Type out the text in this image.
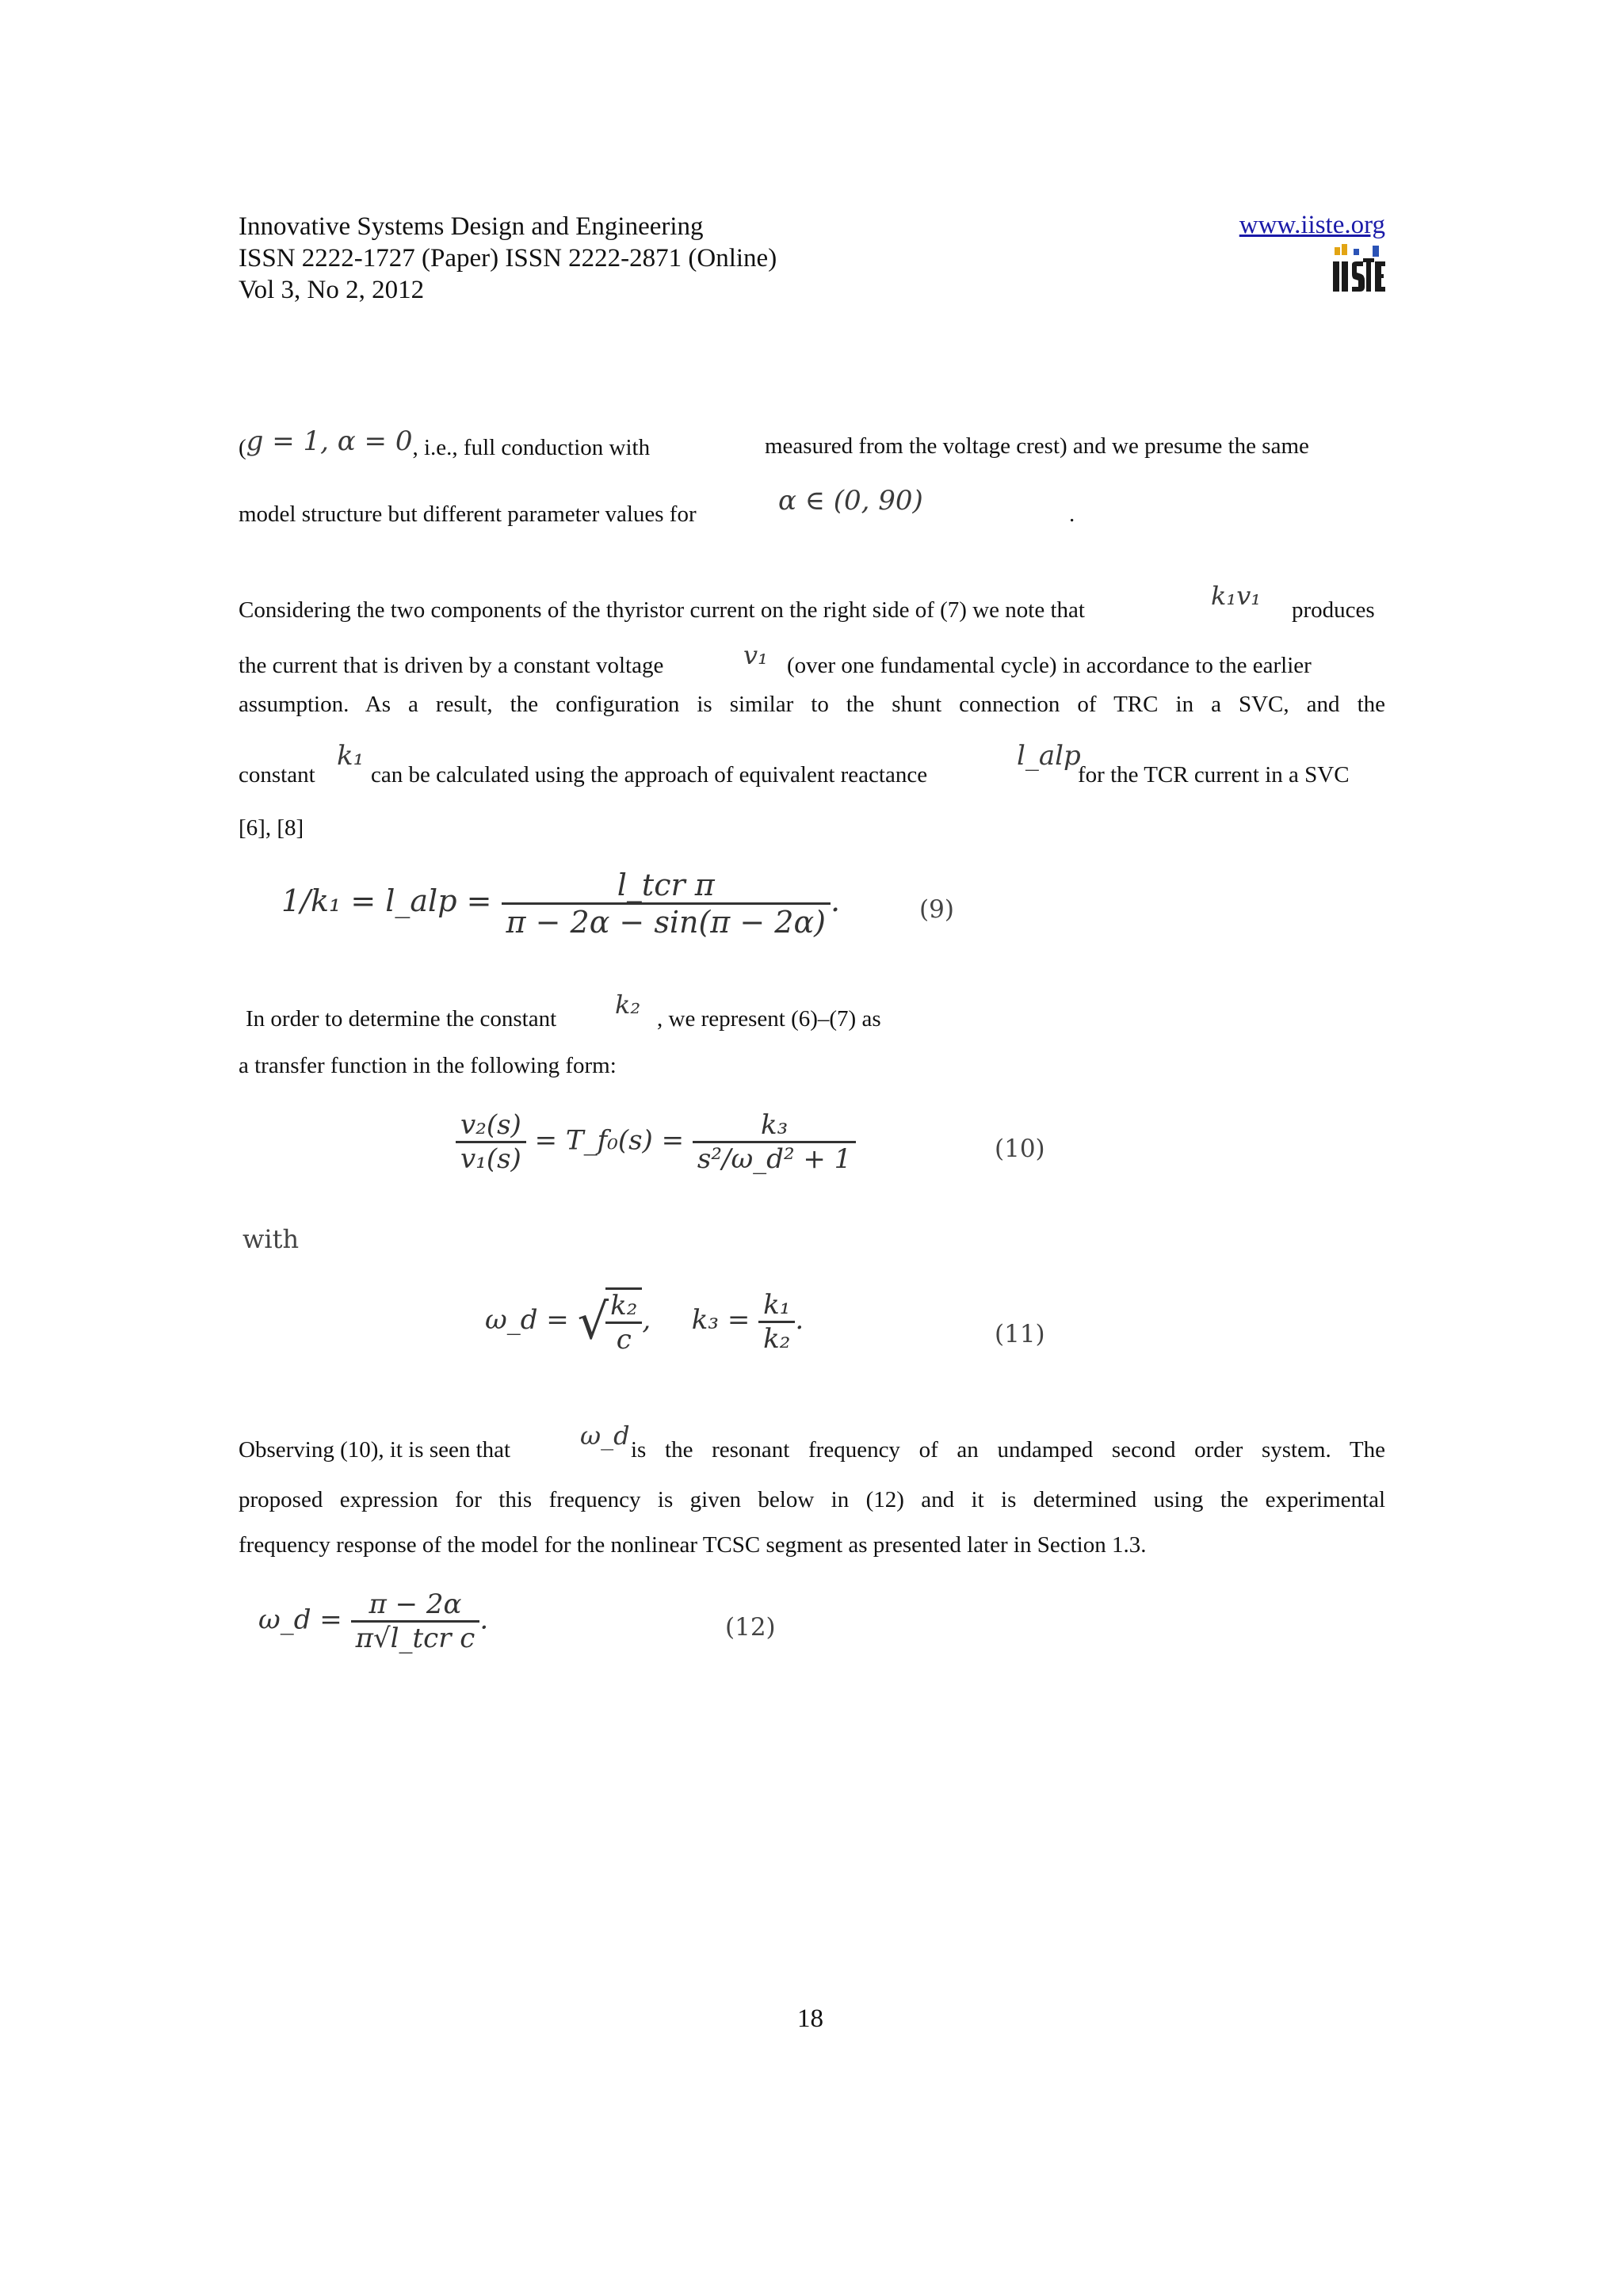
Innovative Systems Design and Engineering
ISSN 2222-1727 (Paper) ISSN 2222-2871 (Online)
Vol 3, No 2, 2012
www.iiste.org
(g = 1, α = 0, i.e., full conduction with	measured from the voltage crest) and we presume the same
model structure but different parameter values for	α ∈ (0, 90)	.
Considering the two components of the thyristor current on the right side of (7) we note that	k₁v₁ produces
the current that is driven by a constant voltage	v₁ (over one fundamental cycle) in accordance to the earlier
assumption. As a result, the configuration is similar to the shunt connection of TRC in a SVC, and the
constant
k₁
can be calculated using the approach of equivalent reactance
l_alp
for the TCR current in a SVC
[6], [8]
1/k₁ = l_alp = $\frac{\text{l\_tcr π}}{\pi - 2\alpha - \sin(\pi - 2\alpha)}$ .	(9)
In order to determine the constant k₂ , we represent (6)–(7) as
a transfer function in the following form:
$\frac{\text{v₂(s)}}{\text{v₁(s)}}$ = T_f₀(s) = $\frac{\text{k₃}}{\text{s²/ω\_d² + 1}}$	(10)
with
ω_d = √
$\frac{\text{k₂}}{c}$ , $k_3 = \frac{\text{k₁}}{\text{k₂}}$ .	(11)
Observing (10), it is seen that	ω_d is the resonant frequency of an undamped second order system. The
proposed expression for this frequency is given below in (12) and it is determined using the experimental
frequency response of the model for the nonlinear TCSC segment as presented later in Section 1.3.
ω_d = $\frac{\pi - 2\alpha}{\text{π√l\_tcr c}}$ .	(12)
18
